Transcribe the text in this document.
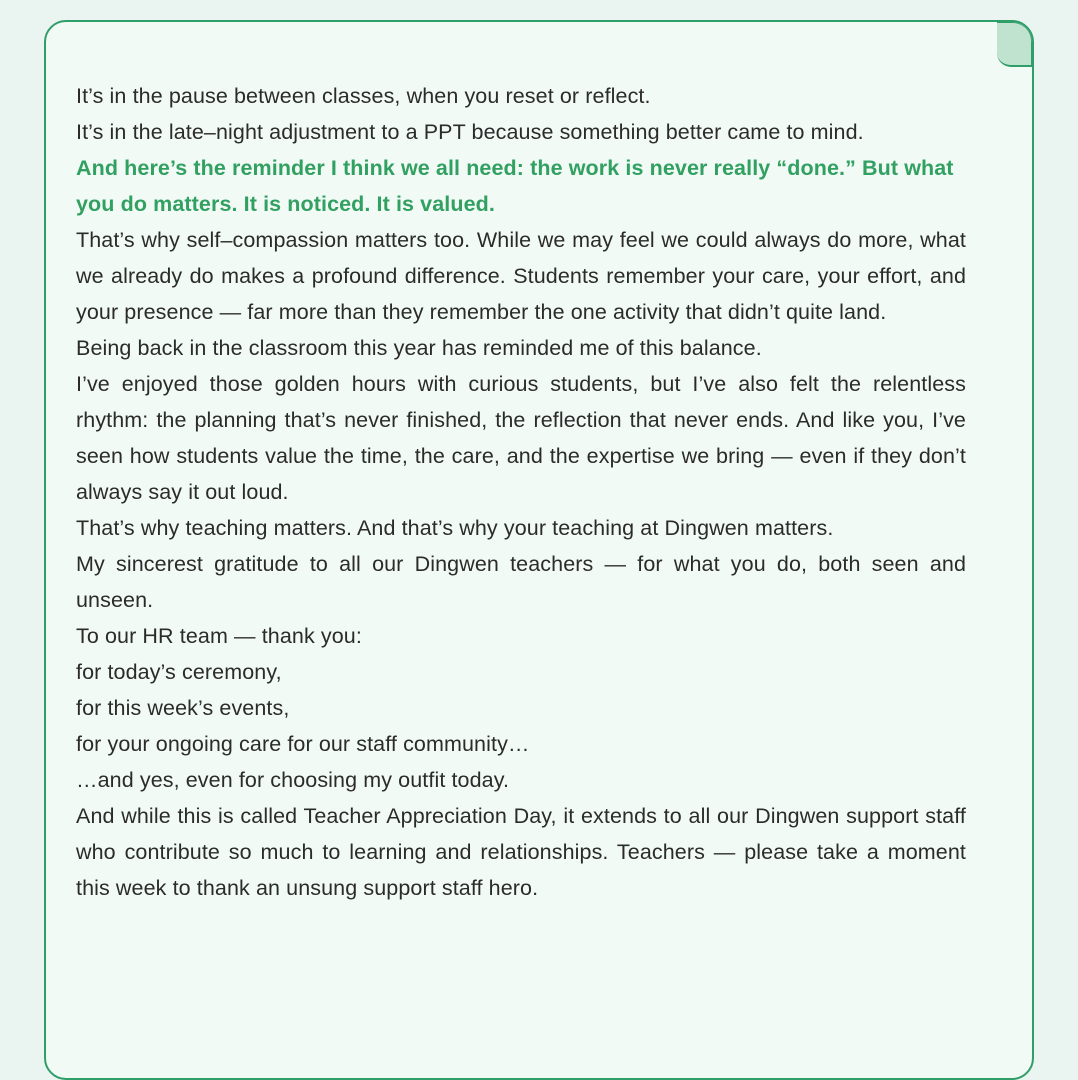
It’s in the pause between classes, when you reset or reflect.

It’s in the late–night adjustment to a PPT because something better came to mind.

And here’s the reminder I think we all need: the work is never really “done.” But what you do matters. It is noticed. It is valued.

That’s why self–compassion matters too. While we may feel we could always do more, what we already do makes a profound difference. Students remember your care, your effort, and your presence — far more than they remember the one activity that didn’t quite land.

Being back in the classroom this year has reminded me of this balance.

I’ve enjoyed those golden hours with curious students, but I’ve also felt the relentless rhythm: the planning that’s never finished, the reflection that never ends. And like you, I’ve seen how students value the time, the care, and the expertise we bring — even if they don’t always say it out loud.

That’s why teaching matters. And that’s why your teaching at Dingwen matters.

My sincerest gratitude to all our Dingwen teachers — for what you do, both seen and unseen.

To our HR team — thank you:

for today’s ceremony,

for this week’s events,

for your ongoing care for our staff community…

…and yes, even for choosing my outfit today.

And while this is called Teacher Appreciation Day, it extends to all our Dingwen support staff who contribute so much to learning and relationships. Teachers — please take a moment this week to thank an unsung support staff hero.
